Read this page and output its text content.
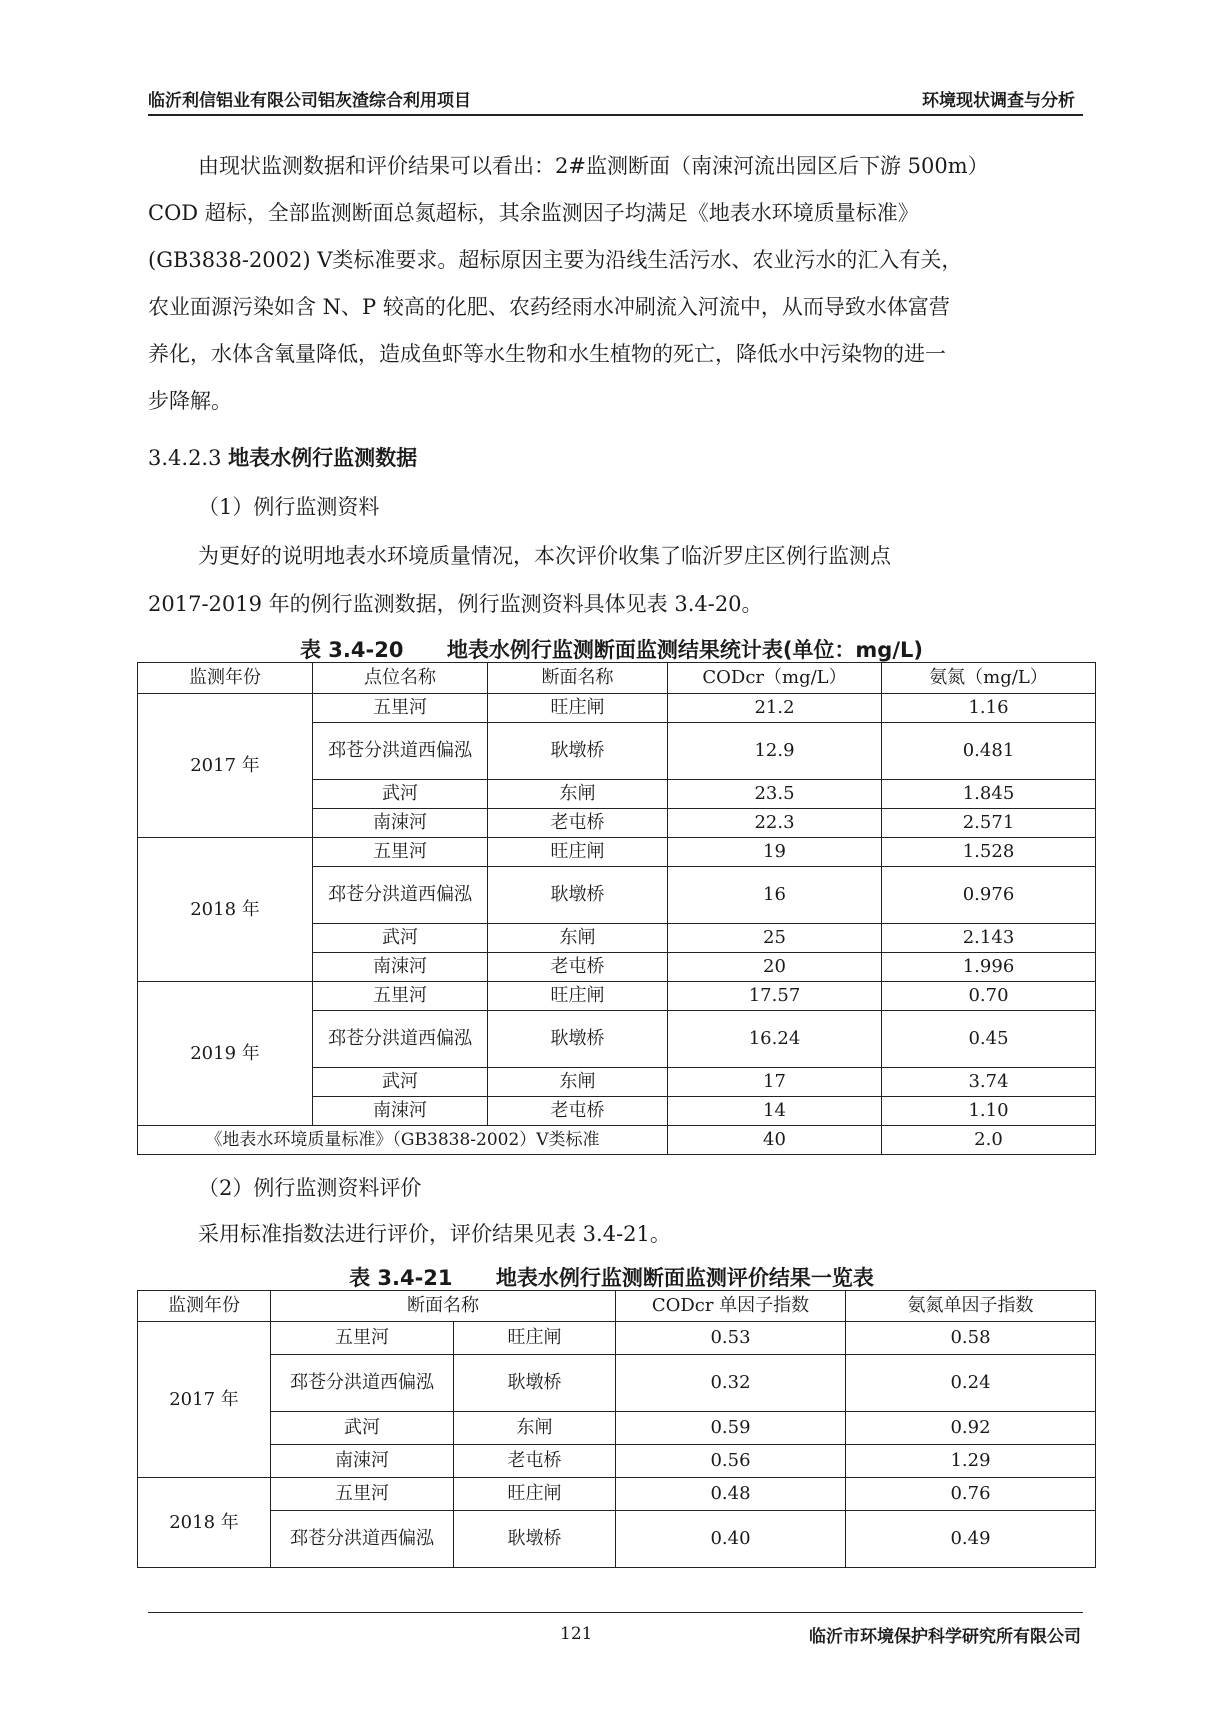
临沂利信铝业有限公司铝灰渣综合利用项目	环境现状调查与分析
由现状监测数据和评价结果可以看出：2#监测断面（南涑河流出园区后下游 500m）
COD 超标，全部监测断面总氮超标，其余监测因子均满足《地表水环境质量标准》
(GB3838-2002) Ⅴ类标准要求。超标原因主要为沿线生活污水、农业污水的汇入有关，
农业面源污染如含 N、P 较高的化肥、农药经雨水冲刷流入河流中，从而导致水体富营
养化，水体含氧量降低，造成鱼虾等水生物和水生植物的死亡，降低水中污染物的进一
步降解。
3.4.2.3 地表水例行监测数据
（1）例行监测资料
为更好的说明地表水环境质量情况，本次评价收集了临沂罗庄区例行监测点
2017-2019 年的例行监测数据，例行监测资料具体见表 3.4-20。
表 3.4-20 地表水例行监测断面监测结果统计表(单位：mg/L)
监测年份	点位名称	断面名称	CODcr（mg/L）	氨氮（mg/L）
2017 年	五里河	旺庄闸	21.2	1.16
	邳苍分洪道西偏泓	耿墩桥	12.9	0.481
	武河	东闸	23.5	1.845
	南涑河	老屯桥	22.3	2.571
2018 年	五里河	旺庄闸	19	1.528
	邳苍分洪道西偏泓	耿墩桥	16	0.976
	武河	东闸	25	2.143
	南涑河	老屯桥	20	1.996
2019 年	五里河	旺庄闸	17.57	0.70
	邳苍分洪道西偏泓	耿墩桥	16.24	0.45
	武河	东闸	17	3.74
	南涑河	老屯桥	14	1.10
《地表水环境质量标准》（GB3838-2002）Ⅴ类标准			40	2.0
（2）例行监测资料评价
采用标准指数法进行评价，评价结果见表 3.4-21。
表 3.4-21 地表水例行监测断面监测评价结果一览表
监测年份	断面名称		CODcr 单因子指数	氨氮单因子指数
2017 年	五里河	旺庄闸	0.53	0.58
	邳苍分洪道西偏泓	耿墩桥	0.32	0.24
	武河	东闸	0.59	0.92
	南涑河	老屯桥	0.56	1.29
2018 年	五里河	旺庄闸	0.48	0.76
	邳苍分洪道西偏泓	耿墩桥	0.40	0.49
121	临沂市环境保护科学研究所有限公司
